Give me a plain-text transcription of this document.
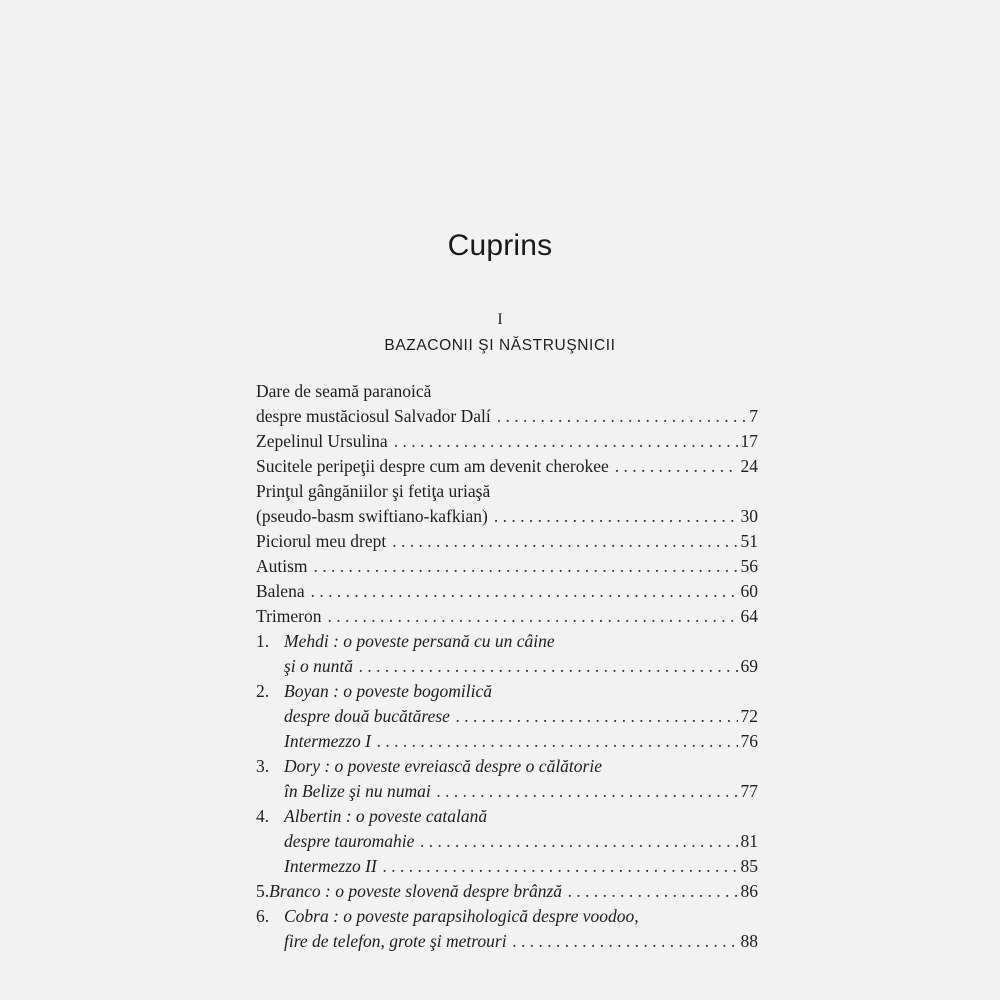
Cuprins
I
BAZACONII ŞI NĂSTRUŞNICII
Dare de seamă paranoică
despre mustăciosul Salvador Dalí . . .	7
Zepelinul Ursulina . . .	17
Sucitele peripeţii despre cum am devenit cherokee . . .	24
Prinţul gângăniilor şi fetiţa uriaşă
(pseudo-basm swiftiano-kafkian) . . .	30
Piciorul meu drept . . .	51
Autism . . .	56
Balena . . .	60
Trimeron . . .	64
1. Mehdi : o poveste persană cu un câine
şi o nuntă . . .	69
2. Boyan : o poveste bogomilică
despre două bucătărese . . .	72
Intermezzo I . . .	76
3. Dory : o poveste evreiască despre o călătorie
în Belize şi nu numai . . .	77
4. Albertin : o poveste catalană
despre tauromahie . . .	81
Intermezzo II . . .	85
5. Branco : o poveste slovenă despre brânză . . .	86
6. Cobra : o poveste parapsihologică despre voodoo,
fire de telefon, grote şi metrouri . . .	88
